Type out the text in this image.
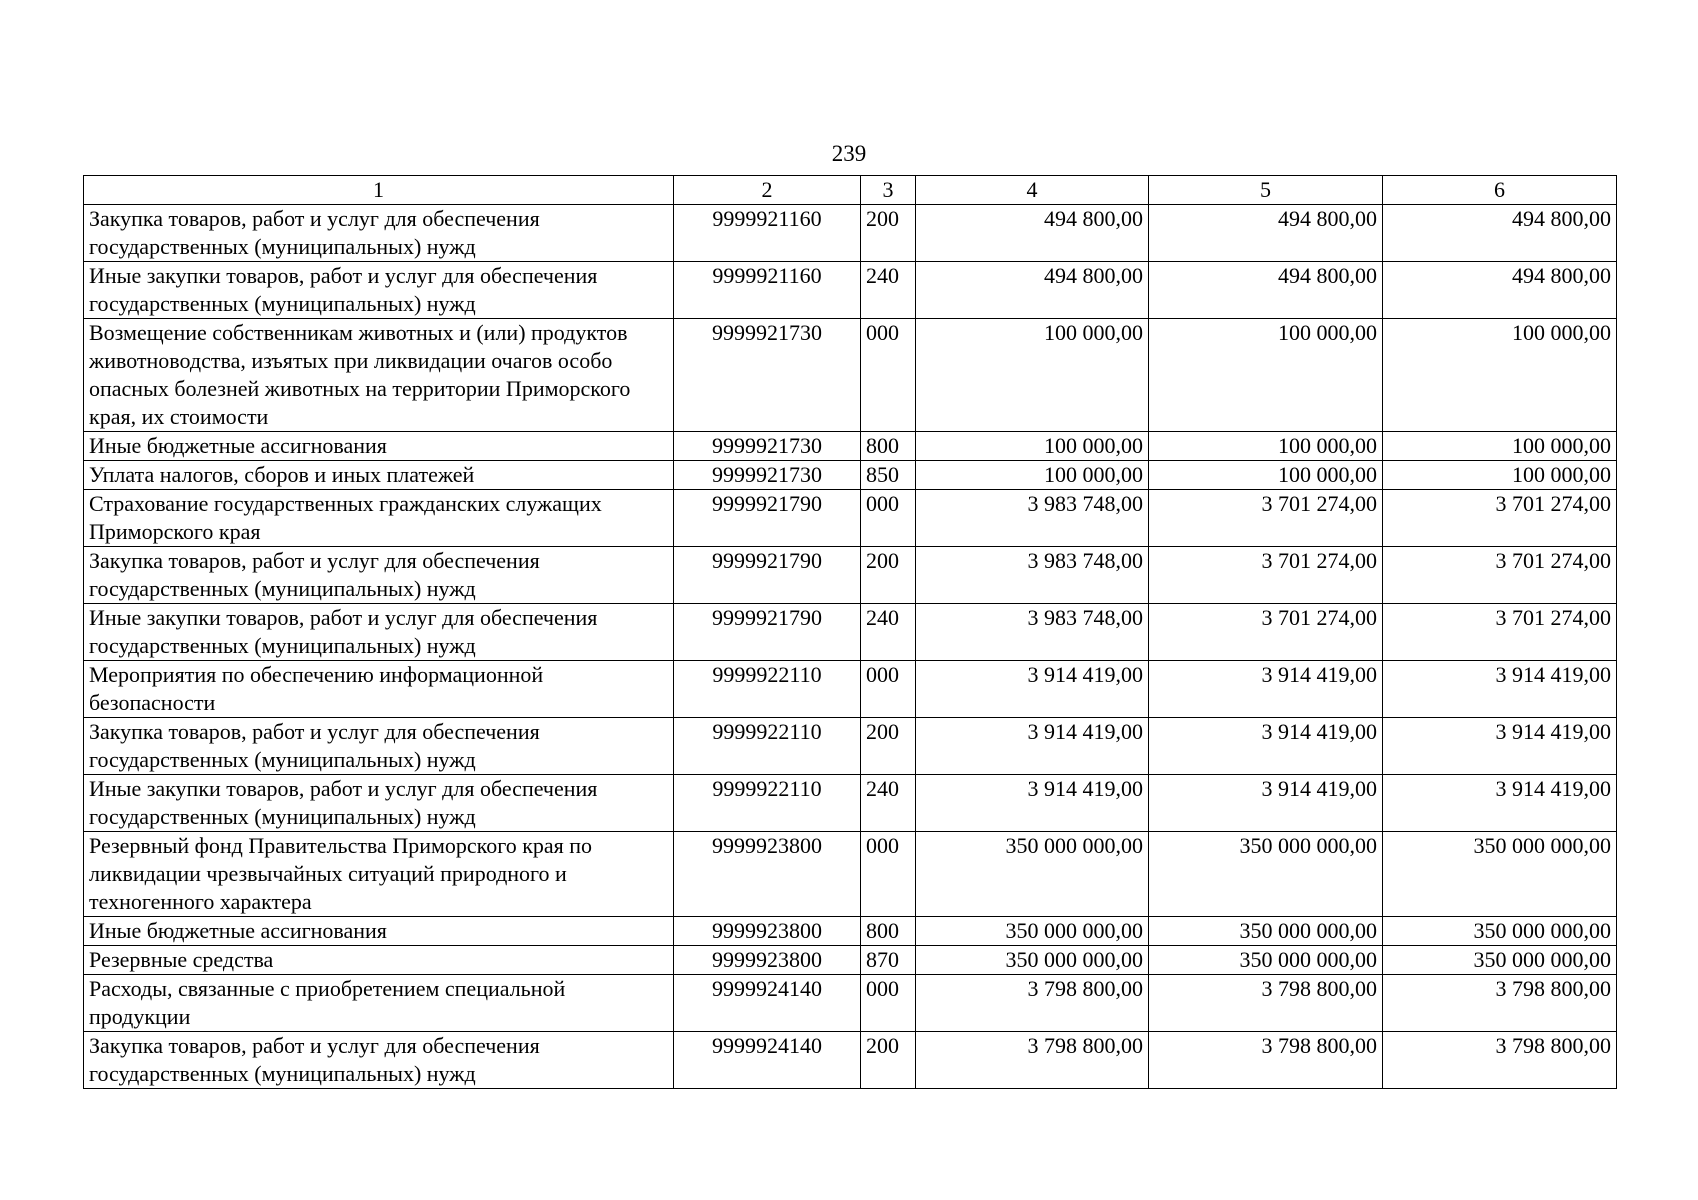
239
1	2	3	4	5	6
Закупка товаров, работ и услуг для обеспечения государственных (муниципальных) нужд	9999921160	200	494 800,00	494 800,00	494 800,00
Иные закупки товаров, работ и услуг для обеспечения государственных (муниципальных) нужд	9999921160	240	494 800,00	494 800,00	494 800,00
Возмещение собственникам животных и (или) продуктов животноводства, изъятых при ликвидации очагов особо опасных болезней животных на территории Приморского края, их стоимости	9999921730	000	100 000,00	100 000,00	100 000,00
Иные бюджетные ассигнования	9999921730	800	100 000,00	100 000,00	100 000,00
Уплата налогов, сборов и иных платежей	9999921730	850	100 000,00	100 000,00	100 000,00
Страхование государственных гражданских служащих Приморского края	9999921790	000	3 983 748,00	3 701 274,00	3 701 274,00
Закупка товаров, работ и услуг для обеспечения государственных (муниципальных) нужд	9999921790	200	3 983 748,00	3 701 274,00	3 701 274,00
Иные закупки товаров, работ и услуг для обеспечения государственных (муниципальных) нужд	9999921790	240	3 983 748,00	3 701 274,00	3 701 274,00
Мероприятия по обеспечению информационной безопасности	9999922110	000	3 914 419,00	3 914 419,00	3 914 419,00
Закупка товаров, работ и услуг для обеспечения государственных (муниципальных) нужд	9999922110	200	3 914 419,00	3 914 419,00	3 914 419,00
Иные закупки товаров, работ и услуг для обеспечения государственных (муниципальных) нужд	9999922110	240	3 914 419,00	3 914 419,00	3 914 419,00
Резервный фонд Правительства Приморского края по ликвидации чрезвычайных ситуаций природного и техногенного характера	9999923800	000	350 000 000,00	350 000 000,00	350 000 000,00
Иные бюджетные ассигнования	9999923800	800	350 000 000,00	350 000 000,00	350 000 000,00
Резервные средства	9999923800	870	350 000 000,00	350 000 000,00	350 000 000,00
Расходы, связанные с приобретением специальной продукции	9999924140	000	3 798 800,00	3 798 800,00	3 798 800,00
Закупка товаров, работ и услуг для обеспечения государственных (муниципальных) нужд	9999924140	200	3 798 800,00	3 798 800,00	3 798 800,00
